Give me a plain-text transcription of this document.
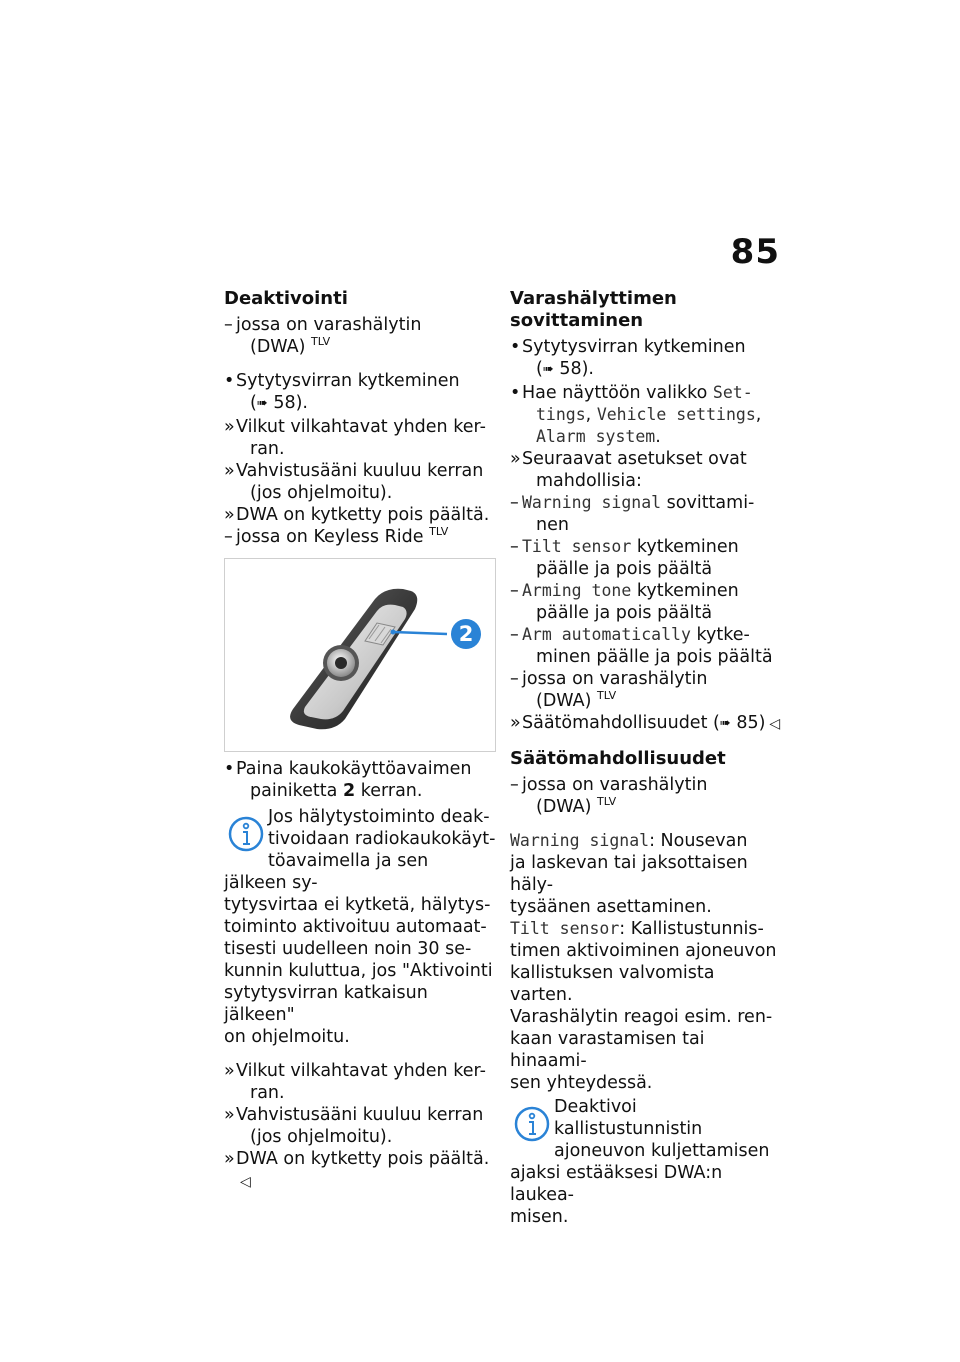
85

Deaktivointi

– jossa on varashälytin
(DWA) $^{TLV}$

• Sytytysvirran kytkeminen
(➠ 58).

» Vilkut vilkahtavat yhden ker-
ran.

» Vahvistusääni kuuluu kerran
(jos ohjelmoitu).

» DWA on kytketty pois päältä.

– jossa on Keyless Ride $^{TLV}$

2

• Paina kaukokäyttöavaimen
painiketta 2 kerran.

Jos hälytystoiminto deak-
tivoidaan radiokaukokäyt-
töavaimella ja sen jälkeen sy-
tytysvirtaa ei kytketä, hälytys-
toiminto aktivoituu automaat-
tisesti uudelleen noin 30 se-
kunnin kuluttua, jos "Aktivointi
sytytysvirran katkaisun jälkeen"
on ohjelmoitu.

» Vilkut vilkahtavat yhden ker-
ran.

» Vahvistusääni kuuluu kerran
(jos ohjelmoitu).

» DWA on kytketty pois päältä.◁

Varashälyttimen sovittaminen

• Sytytysvirran kytkeminen
(➠ 58).

• Hae näyttöön valikko Set-
tings, Vehicle settings,
Alarm system.

» Seuraavat asetukset ovat
mahdollisia:

– Warning signal sovittami-
nen

– Tilt sensor kytkeminen
päälle ja pois päältä

– Arming tone kytkeminen
päälle ja pois päältä

– Arm automatically kytke-
minen päälle ja pois päältä

– jossa on varashälytin
(DWA) $^{TLV}$

» Säätömahdollisuudet (➠ 85) ◁

Säätömahdollisuudet

– jossa on varashälytin
(DWA) $^{TLV}$

Warning signal: Nousevan
ja laskevan tai jaksottaisen häly-
tysäänen asettaminen.
Tilt sensor: Kallistustunnis-
timen aktivoiminen ajoneuvon
kallistuksen valvomista varten.
Varashälytin reagoi esim. ren-
kaan varastamisen tai hinaami-
sen yhteydessä.
Deaktivoi kallistustunnistin
ajoneuvon kuljettamisen
ajaksi estääksesi DWA:n laukea-
misen.
